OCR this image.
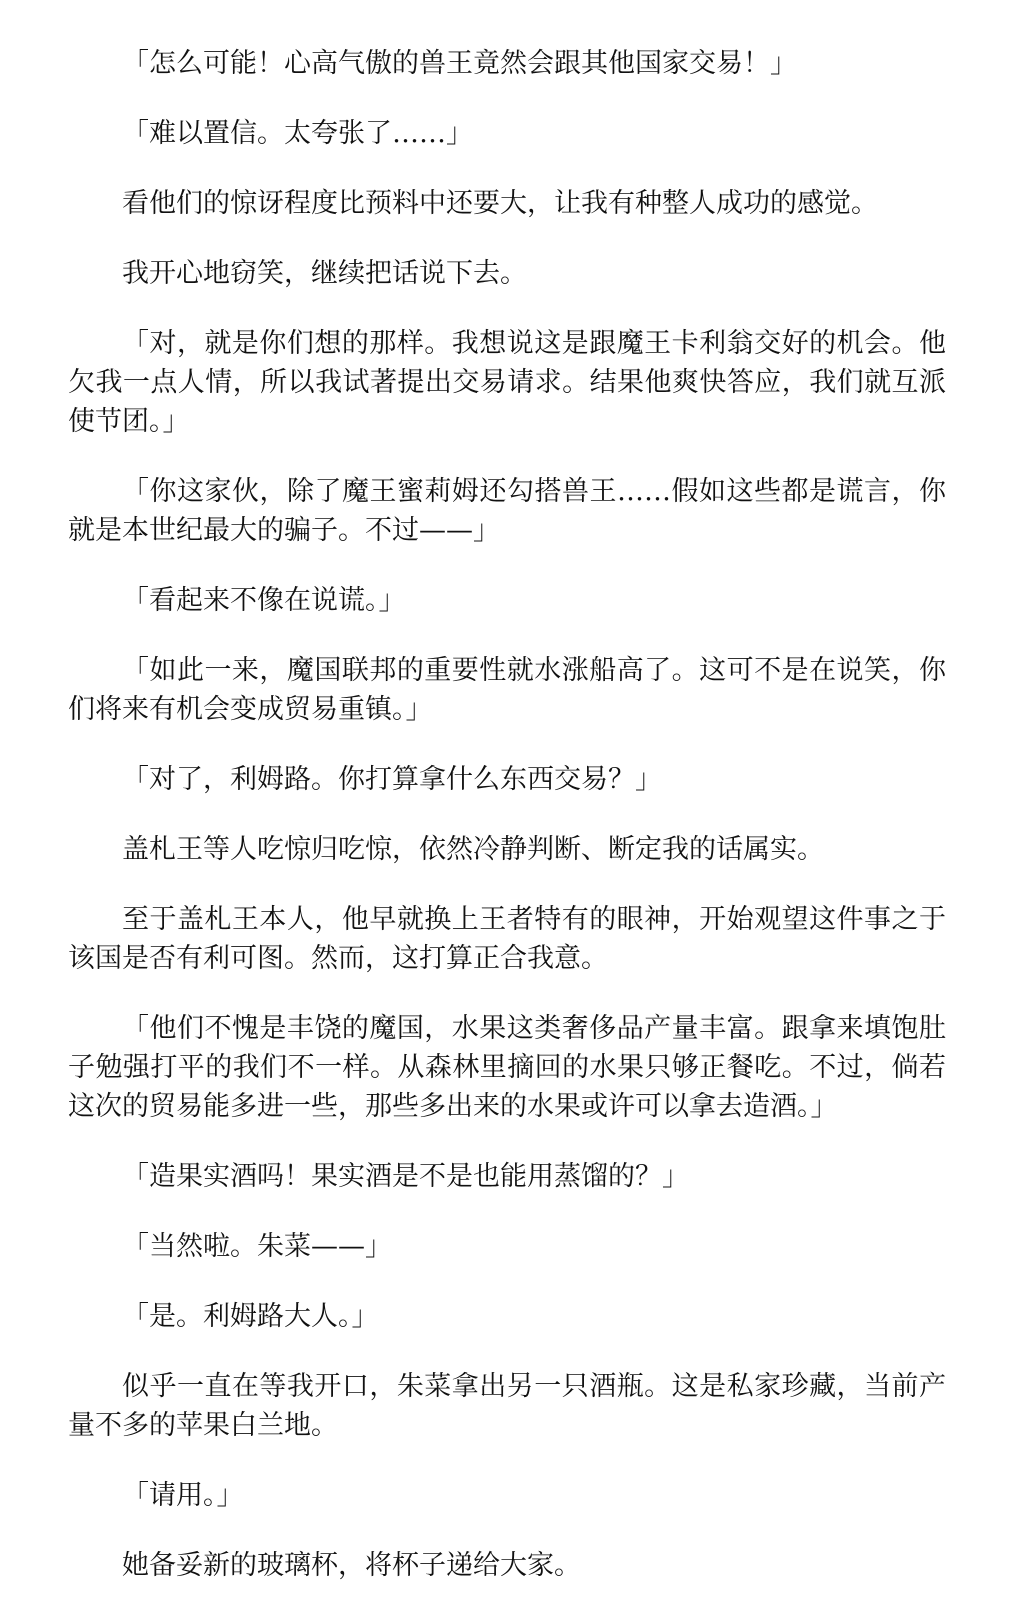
「怎么可能！心高气傲的兽王竟然会跟其他国家交易！」

「难以置信。太夸张了……」

看他们的惊讶程度比预料中还要大，让我有种整人成功的感觉。

我开心地窃笑，继续把话说下去。

「对，就是你们想的那样。我想说这是跟魔王卡利翁交好的机会。他欠我一点人情，所以我试著提出交易请求。结果他爽快答应，我们就互派使节团。」

「你这家伙，除了魔王蜜莉姆还勾搭兽王……假如这些都是谎言，你就是本世纪最大的骗子。不过——」

「看起来不像在说谎。」

「如此一来，魔国联邦的重要性就水涨船高了。这可不是在说笑，你们将来有机会变成贸易重镇。」

「对了，利姆路。你打算拿什么东西交易？」

盖札王等人吃惊归吃惊，依然冷静判断、断定我的话属实。

至于盖札王本人，他早就换上王者特有的眼神，开始观望这件事之于该国是否有利可图。然而，这打算正合我意。

「他们不愧是丰饶的魔国，水果这类奢侈品产量丰富。跟拿来填饱肚子勉强打平的我们不一样。从森林里摘回的水果只够正餐吃。不过，倘若这次的贸易能多进一些，那些多出来的水果或许可以拿去造酒。」

「造果实酒吗！果实酒是不是也能用蒸馏的？」

「当然啦。朱菜——」

「是。利姆路大人。」

似乎一直在等我开口，朱菜拿出另一只酒瓶。这是私家珍藏，当前产量不多的苹果白兰地。

「请用。」

她备妥新的玻璃杯，将杯子递给大家。
